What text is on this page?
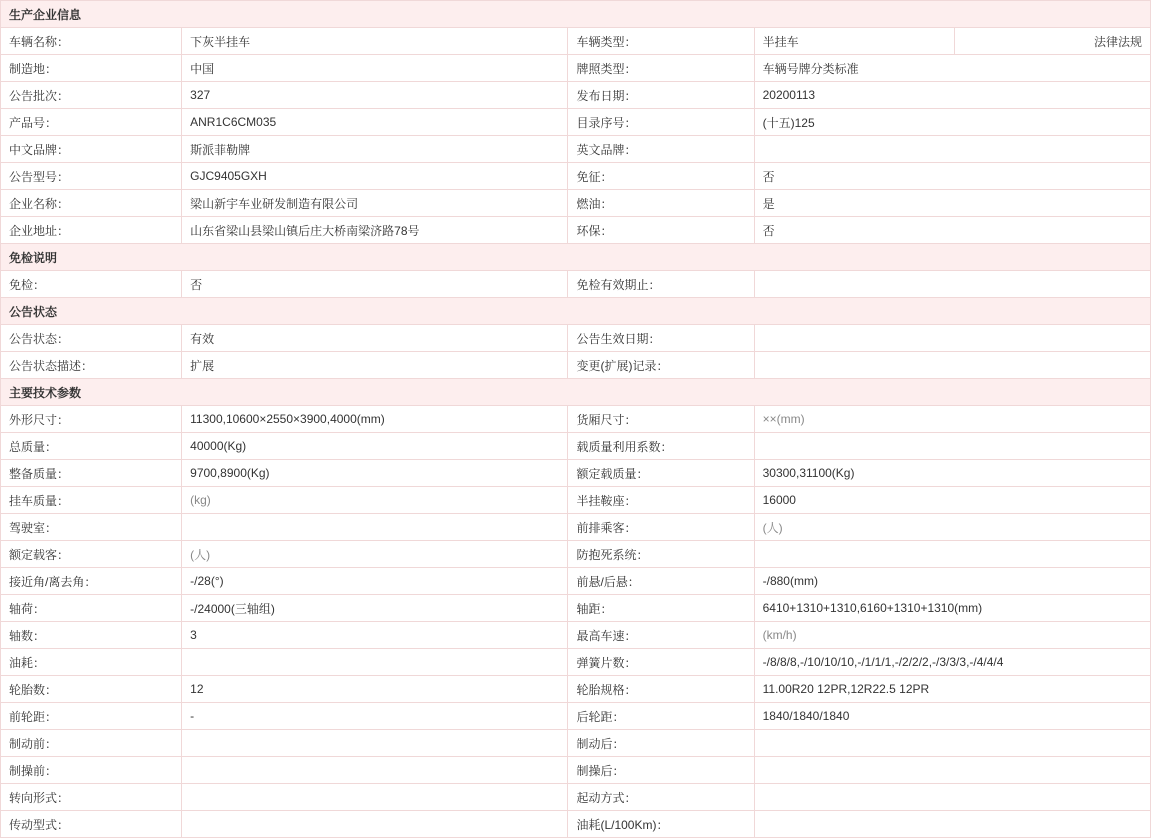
生产企业信息				
车辆名称：	下灰半挂车	车辆类型：	半挂车	法律法规
制造地：	中国	牌照类型：	车辆号牌分类标准	
公告批次：	327	发布日期：	20200113	
产品号：	ANR1C6CM035	目录序号：	(十五)125	
中文品牌：	斯派菲勒牌	英文品牌：		
公告型号：	GJC9405GXH	免征：	否	
企业名称：	梁山新宇车业研发制造有限公司	燃油：	是	
企业地址：	山东省梁山县梁山镇后庄大桥南梁济路78号	环保：	否	
免检说明				
免检：	否	免检有效期止：		
公告状态				
公告状态：	有效	公告生效日期：		
公告状态描述：	扩展	变更(扩展)记录：		
主要技术参数				
外形尺寸：	11300,10600×2550×3900,4000(mm)	货厢尺寸：	××(mm)	
总质量：	40000(Kg)	载质量利用系数：		
整备质量：	9700,8900(Kg)	额定载质量：	30300,31100(Kg)	
挂车质量：	(kg)	半挂鞍座：	16000	
驾驶室：		前排乘客：	(人)	
额定载客：	(人)	防抱死系统：		
接近角/离去角：	-/28(°)	前悬/后悬：	-/880(mm)	
轴荷：	-/24000(三轴组)	轴距：	6410+1310+1310,6160+1310+1310(mm)	
轴数：	3	最高车速：	(km/h)	
油耗：		弹簧片数：	-/8/8/8,-/10/10/10,-/1/1/1,-/2/2/2,-/3/3/3,-/4/4/4	
轮胎数：	12	轮胎规格：	11.00R20 12PR,12R22.5 12PR	
前轮距：	-	后轮距：	1840/1840/1840	
制动前：		制动后：		
制操前：		制操后：		
转向形式：		起动方式：		
传动型式：		油耗(L/100Km)：		
